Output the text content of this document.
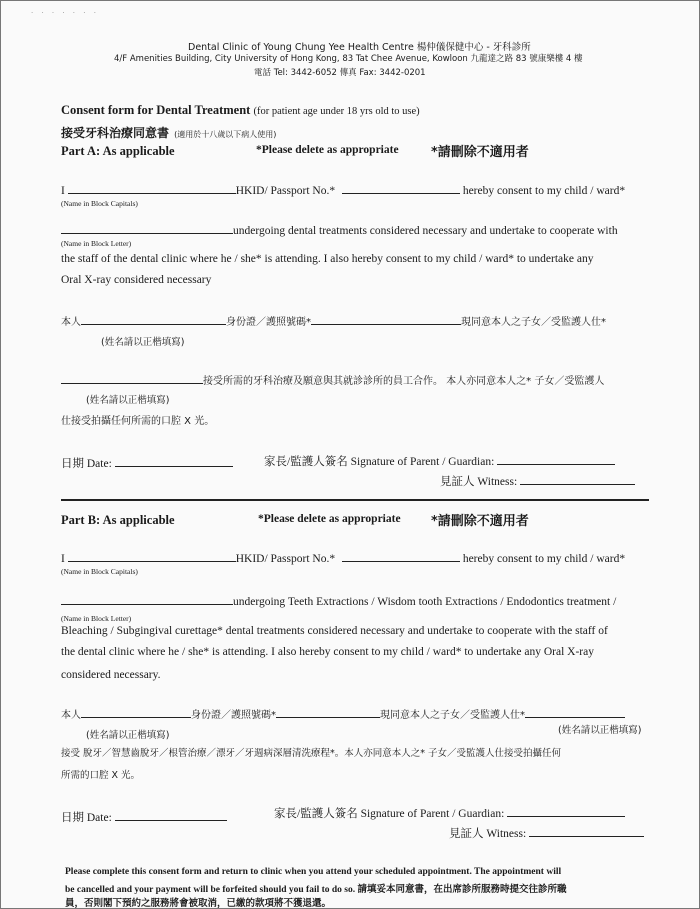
· · · · · · ·
Dental Clinic of Young Chung Yee Health Centre 楊仲儀保健中心 - 牙科診所
4/F Amenities Building, City University of Hong Kong, 83 Tat Chee Avenue, Kowloon 九龍達之路 83 號康樂樓 4 樓
電話 Tel: 3442-6052 傳真 Fax: 3442-0201
Consent form for Dental Treatment (for patient age under 18 yrs old to use)
接受牙科治療同意書 (適用於十八歲以下病人使用)
Part A: As applicable	*Please delete as appropriate *請刪除不適用者
I	HKID/ Passport No.*	hereby consent to my child / ward*
(Name in Block Capitals)
undergoing dental treatments considered necessary and undertake to cooperate with
(Name in Block Letter)
the staff of the dental clinic where he / she* is attending. I also hereby consent to my child / ward* to undertake any
Oral X-ray considered necessary
本人	身份證／護照號碼*	現同意本人之子女／受監護人仕*
(姓名請以正楷填寫)
接受所需的牙科治療及願意與其就診診所的員工合作。 本人亦同意本人之* 子女／受監護人
(姓名請以正楷填寫)
仕接受拍攝任何所需的口腔 X 光。
日期 Date:	家長/監護人簽名 Signature of Parent / Guardian:
見証人 Witness:
Part B: As applicable	*Please delete as appropriate *請刪除不適用者
I	HKID/ Passport No.*	hereby consent to my child / ward*
(Name in Block Capitals)
undergoing Teeth Extractions / Wisdom tooth Extractions / Endodontics treatment /
(Name in Block Letter)
Bleaching / Subgingival curettage* dental treatments considered necessary and undertake to cooperate with the staff of
the dental clinic where he / she* is attending. I also hereby consent to my child / ward* to undertake any Oral X-ray
considered necessary.
本人	身份證／護照號碼*	現同意本人之子女／受監護人仕*
(姓名請以正楷填寫)
(姓名請以正楷填寫)
接受 脫牙／智慧齒脫牙／根管治療／漂牙／牙週病深層清洗療程*。本人亦同意本人之* 子女／受監護人仕接受拍攝任何
所需的口腔 X 光。
日期 Date:	家長/監護人簽名 Signature of Parent / Guardian:
見証人 Witness:
Please complete this consent form and return to clinic when you attend your scheduled appointment. The appointment will
be cancelled and your payment will be forfeited should you fail to do so. 請填妥本同意書，在出席診所服務時提交往診所職
員，否則閣下預約之服務將會被取消，已繳的款項將不獲退還。
